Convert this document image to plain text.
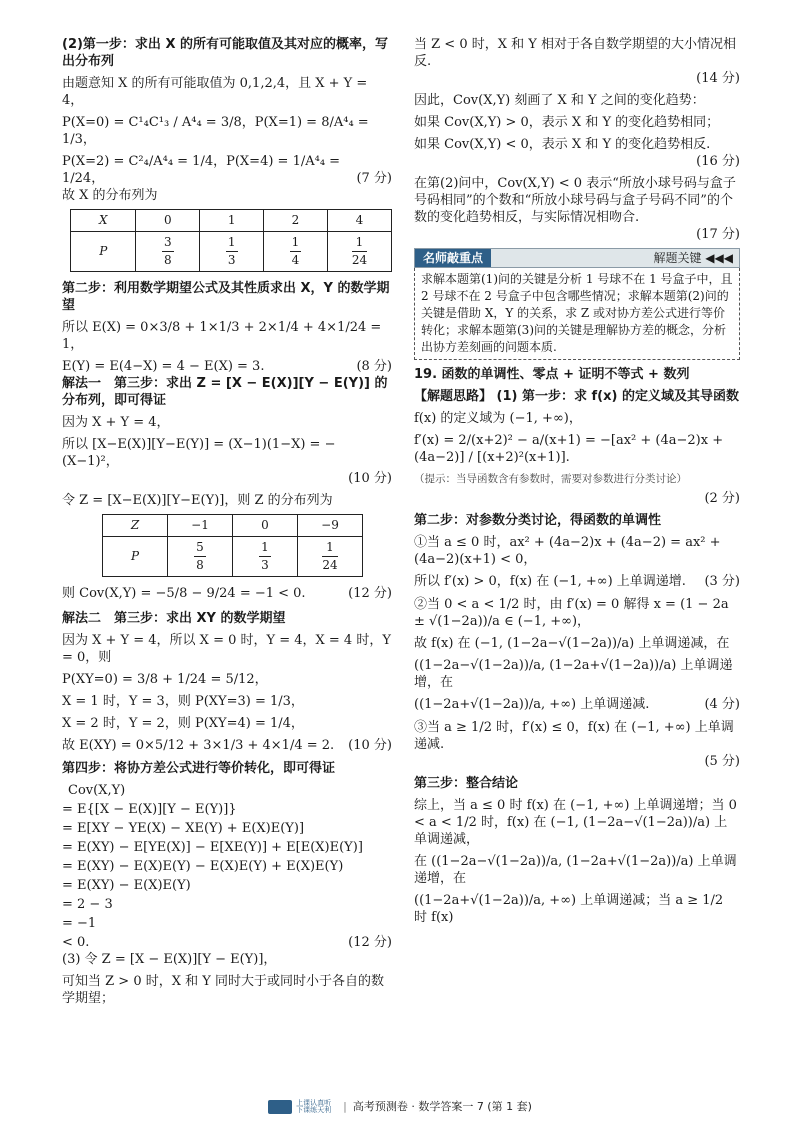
(2)第一步：求出 X 的所有可能取值及其对应的概率，写出分布列

由题意知 X 的所有可能取值为 0,1,2,4，且 X + Y = 4，

P(X=0) = C¹₄C¹₃ / A⁴₄ = 3/8，P(X=1) = 8/A⁴₄ = 1/3，

P(X=2) = C²₄/A⁴₄ = 1/4，P(X=4) = 1/A⁴₄ = 1/24，	(7 分)

故 X 的分布列为

X	0	1	2	4
P	$\frac{3}{8}$	$\frac{1}{3}$	$\frac{1}{4}$	$\frac{1}{24}$

第二步：利用数学期望公式及其性质求出 X，Y 的数学期望

所以 E(X) = 0×3/8 + 1×1/3 + 2×1/4 + 4×1/24 = 1，

E(Y) = E(4−X) = 4 − E(X) = 3.	(8 分)

解法一　第三步：求出 Z = [X − E(X)][Y − E(Y)] 的分布列，即可得证

因为 X + Y = 4，

所以 [X−E(X)][Y−E(Y)] = (X−1)(1−X) = −(X−1)²，

(10 分)

令 Z = [X−E(X)][Y−E(Y)]，则 Z 的分布列为

Z	−1	0	−9
P	$\frac{5}{8}$	$\frac{1}{3}$	$\frac{1}{24}$
则 Cov(X,Y) = −5/8 − 9/24 = −1 < 0.	(12 分)

解法二　第三步：求出 XY 的数学期望

因为 X + Y = 4，所以 X = 0 时，Y = 4，X = 4 时，Y = 0，则

P(XY=0) = 3/8 + 1/24 = 5/12，

X = 1 时，Y = 3，则 P(XY=3) = 1/3，

X = 2 时，Y = 2，则 P(XY=4) = 1/4，

故 E(XY) = 0×5/12 + 3×1/3 + 4×1/4 = 2.	(10 分)

第四步：将协方差公式进行等价转化，即可得证

Cov(X,Y)

= E{[X − E(X)][Y − E(Y)]}

= E[XY − YE(X) − XE(Y) + E(X)E(Y)]

= E(XY) − E[YE(X)] − E[XE(Y)] + E[E(X)E(Y)]

= E(XY) − E(X)E(Y) − E(X)E(Y) + E(X)E(Y)

= E(XY) − E(X)E(Y)

= 2 − 3

= −1

< 0.	(12 分)

(3) 令 Z = [X − E(X)][Y − E(Y)]，

可知当 Z > 0 时，X 和 Y 同时大于或同时小于各自的数学期望；

当 Z < 0 时，X 和 Y 相对于各自数学期望的大小情况相反.

(14 分)

因此，Cov(X,Y) 刻画了 X 和 Y 之间的变化趋势：

如果 Cov(X,Y) > 0，表示 X 和 Y 的变化趋势相同；

如果 Cov(X,Y) < 0，表示 X 和 Y 的变化趋势相反.

(16 分)

在第(2)问中，Cov(X,Y) < 0 表示“所放小球号码与盒子号码相同”的个数和“所放小球号码与盒子号码不同”的个数的变化趋势相反，与实际情况相吻合.

(17 分)

名师敲重点	解题关键 ◀◀◀
求解本题第(1)问的关键是分析 1 号球不在 1 号盒子中，且 2 号球不在 2 号盒子中包含哪些情况；求解本题第(2)问的关键是借助 X，Y 的关系，求 Z 或对协方差公式进行等价转化；求解本题第(3)问的关键是理解协方差的概念，分析出协方差刻画的问题本质.

19. 函数的单调性、零点 + 证明不等式 + 数列

【解题思路】 (1) 第一步：求 f(x) 的定义域及其导函数

f(x) 的定义域为 (−1, +∞)，

f′(x) = 2/(x+2)² − a/(x+1) = −[ax² + (4a−2)x + (4a−2)] / [(x+2)²(x+1)].

（提示：当导函数含有参数时，需要对参数进行分类讨论）

(2 分)

第二步：对参数分类讨论，得函数的单调性

①当 a ≤ 0 时，ax² + (4a−2)x + (4a−2) = ax² + (4a−2)(x+1) < 0，

所以 f′(x) > 0，f(x) 在 (−1, +∞) 上单调递增.	(3 分)

②当 0 < a < 1/2 时，由 f′(x) = 0 解得 x = (1 − 2a ± √(1−2a))/a ∈ (−1, +∞)，

故 f(x) 在 (−1, (1−2a−√(1−2a))/a) 上单调递减，在

((1−2a−√(1−2a))/a, (1−2a+√(1−2a))/a) 上单调递增，在

((1−2a+√(1−2a))/a, +∞) 上单调递减.	(4 分)

③当 a ≥ 1/2 时，f′(x) ≤ 0，f(x) 在 (−1, +∞) 上单调递减.

(5 分)

第三步：整合结论

综上，当 a ≤ 0 时 f(x) 在 (−1, +∞) 上单调递增；当 0 < a < 1/2 时，f(x) 在 (−1, (1−2a−√(1−2a))/a) 上单调递减，

在 ((1−2a−√(1−2a))/a, (1−2a+√(1−2a))/a) 上单调递增，在

((1−2a+√(1−2a))/a, +∞) 上单调递减；当 a ≥ 1/2 时 f(x)

上课认真听
下课练天利 | 高考预测卷 · 数学答案一 7 (第 1 套)
